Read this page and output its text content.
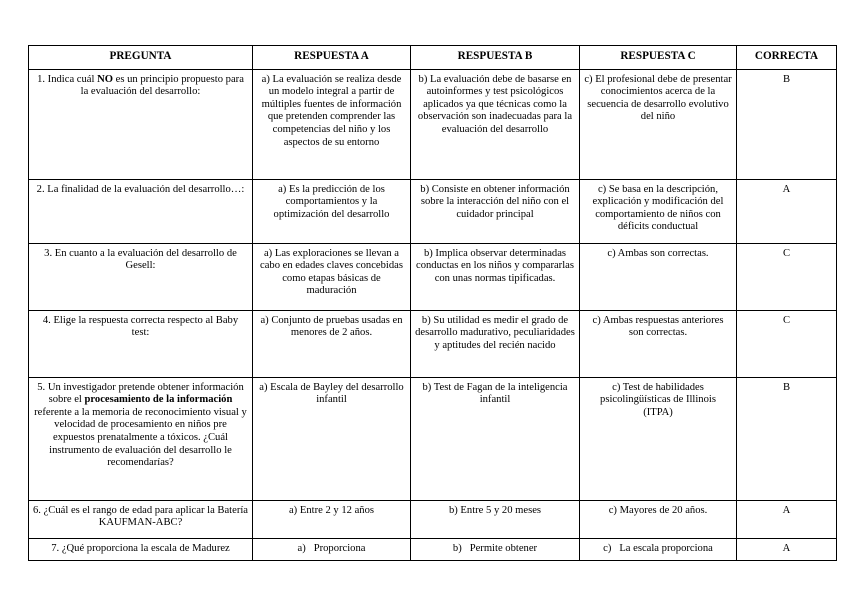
PREGUNTA	RESPUESTA A	RESPUESTA B	RESPUESTA C	CORRECTA
1. Indica cuál NO es un principio propuesto para la evaluación del desarrollo:	a) La evaluación se realiza desde un modelo integral a partir de múltiples fuentes de información que pretenden comprender las competencias del niño y los aspectos de su entorno	b) La evaluación debe de basarse en autoinformes y test psicológicos aplicados ya que técnicas como la observación son inadecuadas para la evaluación del desarrollo	c) El profesional debe de presentar conocimientos acerca de la secuencia de desarrollo evolutivo del niño	B
2. La finalidad de la evaluación del desarrollo…:	a) Es la predicción de los comportamientos y la optimización del desarrollo	b) Consiste en obtener información sobre la interacción del niño con el cuidador principal	c) Se basa en la descripción, explicación y modificación del comportamiento de niños con déficits conductual	A
3. En cuanto a la evaluación del desarrollo de Gesell:	a) Las exploraciones se llevan a cabo en edades claves concebidas como etapas básicas de maduración	b) Implica observar determinadas conductas en los niños y compararlas con unas normas tipificadas.	c) Ambas son correctas.	C
4. Elige la respuesta correcta respecto al Baby test:	a) Conjunto de pruebas usadas en menores de 2 años.	b) Su utilidad es medir el grado de desarrollo madurativo, peculiaridades y aptitudes del recién nacido	c) Ambas respuestas anteriores son correctas.	C
5. Un investigador pretende obtener información sobre el procesamiento de la información referente a la memoria de reconocimiento visual y velocidad de procesamiento en niños pre expuestos prenatalmente a tóxicos. ¿Cuál instrumento de evaluación del desarrollo le recomendarías?	a) Escala de Bayley del desarrollo infantil	b) Test de Fagan de la inteligencia infantil	c) Test de habilidades psicolingüísticas de Illinois (ITPA)	B
6. ¿Cuál es el rango de edad para aplicar la Batería KAUFMAN-ABC?	a) Entre 2 y 12 años	b) Entre 5 y 20 meses	c) Mayores de 20 años.	A
7. ¿Qué proporciona la escala de Madurez	a)   Proporciona	b)   Permite obtener	c)   La escala proporciona	A
